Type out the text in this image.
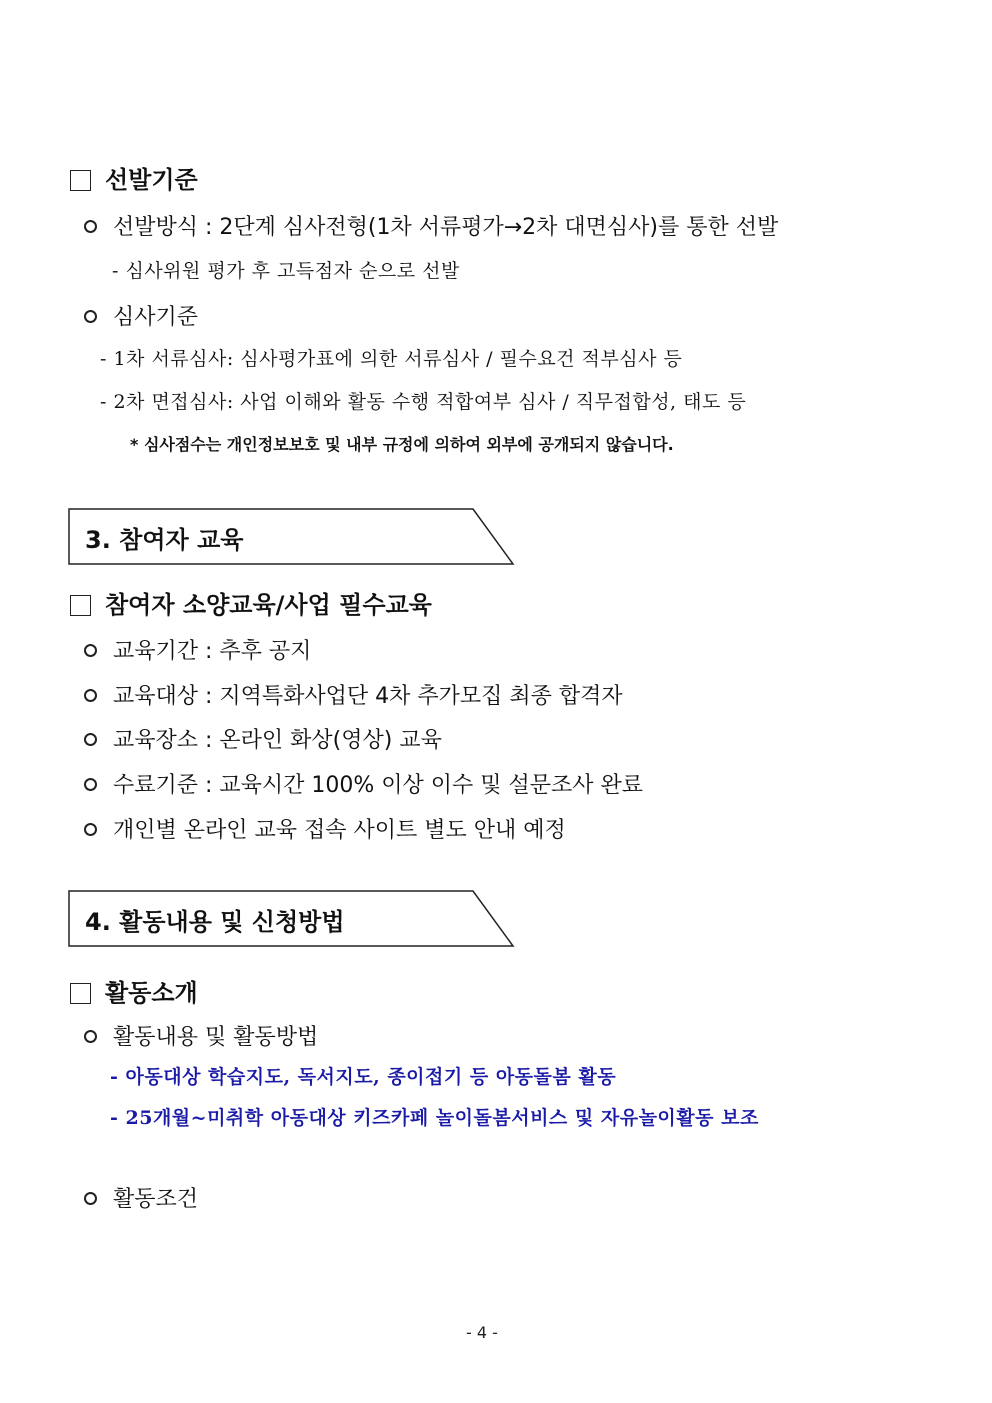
선발기준
선발방식 : 2단계 심사전형(1차 서류평가→2차 대면심사)를 통한 선발
- 심사위원 평가 후 고득점자 순으로 선발
심사기준
- 1차 서류심사: 심사평가표에 의한 서류심사 / 필수요건 적부심사 등
- 2차 면접심사: 사업 이해와 활동 수행 적합여부 심사 / 직무접합성, 태도 등
* 심사점수는 개인정보보호 및 내부 규정에 의하여 외부에 공개되지 않습니다.
3. 참여자 교육
참여자 소양교육/사업 필수교육
교육기간 : 추후 공지
교육대상 : 지역특화사업단 4차 추가모집 최종 합격자
교육장소 : 온라인 화상(영상) 교육
수료기준 : 교육시간 100% 이상 이수 및 설문조사 완료
개인별 온라인 교육 접속 사이트 별도 안내 예정
4. 활동내용 및 신청방법
활동소개
활동내용 및 활동방법
- 아동대상 학습지도, 독서지도, 종이접기 등 아동돌봄 활동
- 25개월~미취학 아동대상 키즈카페 놀이돌봄서비스 및 자유놀이활동 보조
활동조건
- 4 -
